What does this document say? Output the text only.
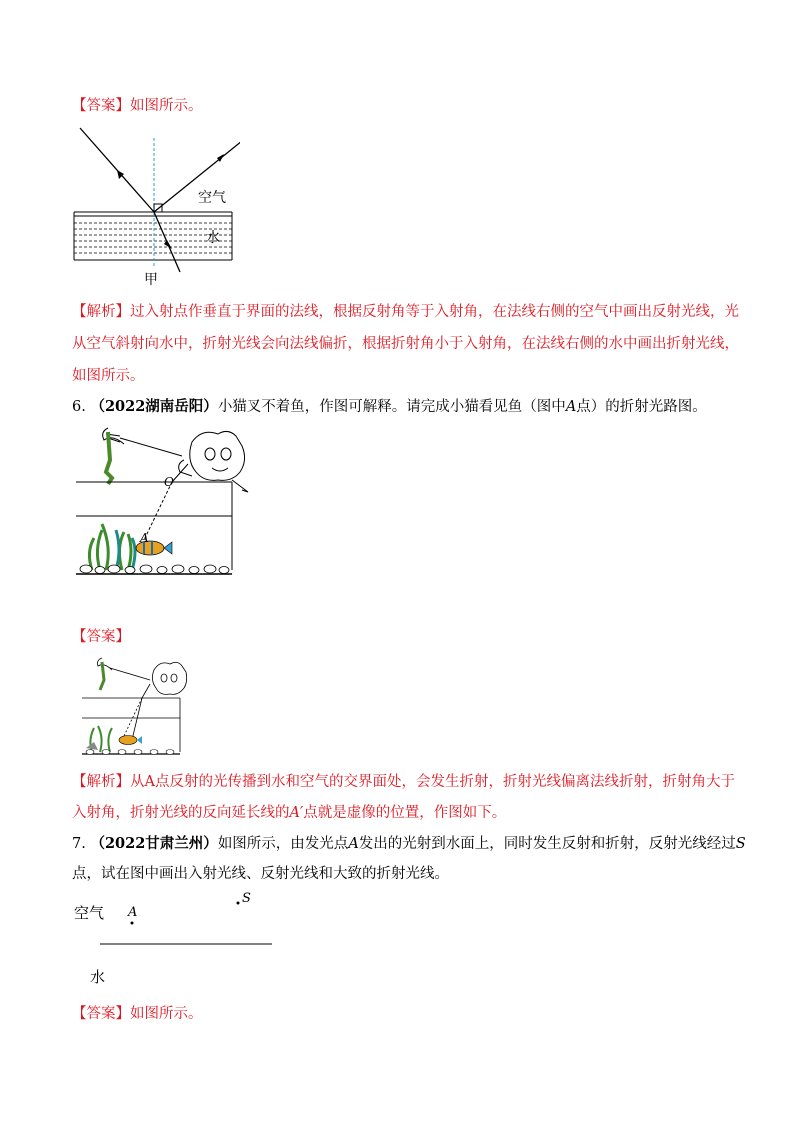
【答案】如图所示。
空气
水
甲
【解析】过入射点作垂直于界面的法线，根据反射角等于入射角，在法线右侧的空气中画出反射光线，光
从空气斜射向水中，折射光线会向法线偏折，根据折射角小于入射角，在法线右侧的水中画出折射光线，
如图所示。
6. （2022湖南岳阳）小猫叉不着鱼，作图可解释。请完成小猫看见鱼（图中A点）的折射光路图。
O
A
【答案】
【解析】从A点反射的光传播到水和空气的交界面处，会发生折射，折射光线偏离法线折射，折射角大于
入射角，折射光线的反向延长线的A′点就是虚像的位置，作图如下。
7. （2022甘肃兰州）如图所示，由发光点A发出的光射到水面上，同时发生反射和折射，反射光线经过S
点，试在图中画出入射光线、反射光线和大致的折射光线。
空气 A
S
水
【答案】如图所示。
